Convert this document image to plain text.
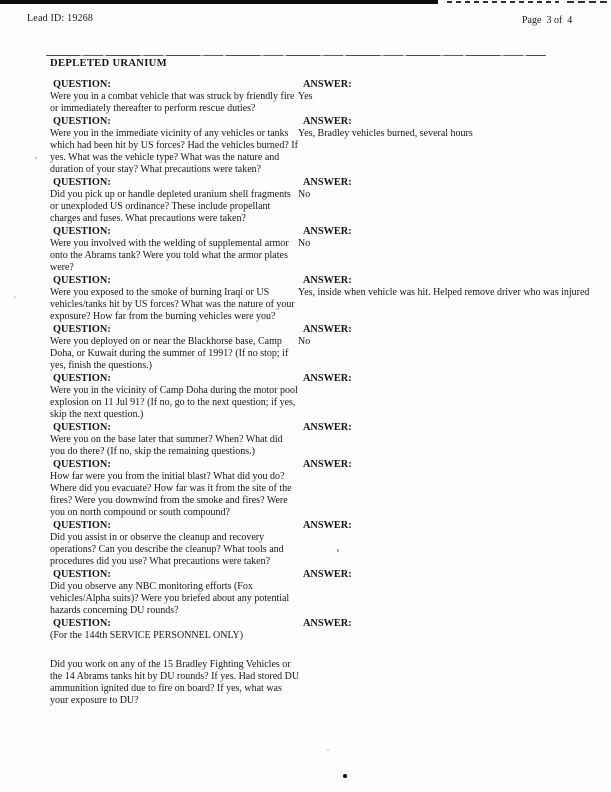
Lead ID: 19268	Page  3 of  4
DEPLETED URANIUM
QUESTION:
Were you in a combat vehicle that was struck by friendly fire or immediately thereafter to perform rescue duties?
ANSWER:
Yes
QUESTION:
Were you in the immediate vicinity of any vehicles or tanks which had been hit by US forces? Had the vehicles burned? If yes. What was the vehicle type? What was the nature and duration of your stay? What precautions were taken?
ANSWER:
Yes, Bradley vehicles burned, several hours
QUESTION:
Did you pick up or handle depleted uranium shell fragments or unexploded US ordinance? These include propellant charges and fuses. What precautions were taken?
ANSWER:
No
QUESTION:
Were you involved with the welding of supplemental armor onto the Abrams tank? Were you told what the armor plates were?
ANSWER:
No
QUESTION:
Were you exposed to the smoke of burning Iraqi or US vehicles/tanks hit by US forces? What was the nature of your exposure? How far from the burning vehicles were you?
ANSWER:
Yes, inside when vehicle was hit. Helped remove driver who was injured
QUESTION:
Were you deployed on or near the Blackhorse base, Camp Doha, or Kuwait during the summer of 1991? (If no stop; if yes, finish the questions.)
ANSWER:
No
QUESTION:
Were you in the vicinity of Camp Doha during the motor pool explosion on 11 Jul 91? (If no, go to the next question; if yes, skip the next question.)
ANSWER:
QUESTION:
Were you on the base later that summer? When? What did you do there? (If no, skip the remaining questions.)
ANSWER:
QUESTION:
How far were you from the initial blast? What did you do? Where did you evacuate? How far was it from the site of the fires? Were you downwind from the smoke and fires? Were you on north compound or south compound?
ANSWER:
QUESTION:
Did you assist in or observe the cleanup and recovery operations? Can you describe the cleanup? What tools and procedures did you use? What precautions were taken?
ANSWER:
QUESTION:
Did you observe any NBC monitoring efforts (Fox vehicles/Alpha suits)? Were you briefed about any potential hazards concerning DU rounds?
ANSWER:
QUESTION:
(For the 144th SERVICE PERSONNEL ONLY)
Did you work on any of the 15 Bradley Fighting Vehicles or the 14 Abrams tanks hit by DU rounds? If yes. Had stored DU ammunition ignited due to fire on board? If yes, what was your exposure to DU?
ANSWER:
